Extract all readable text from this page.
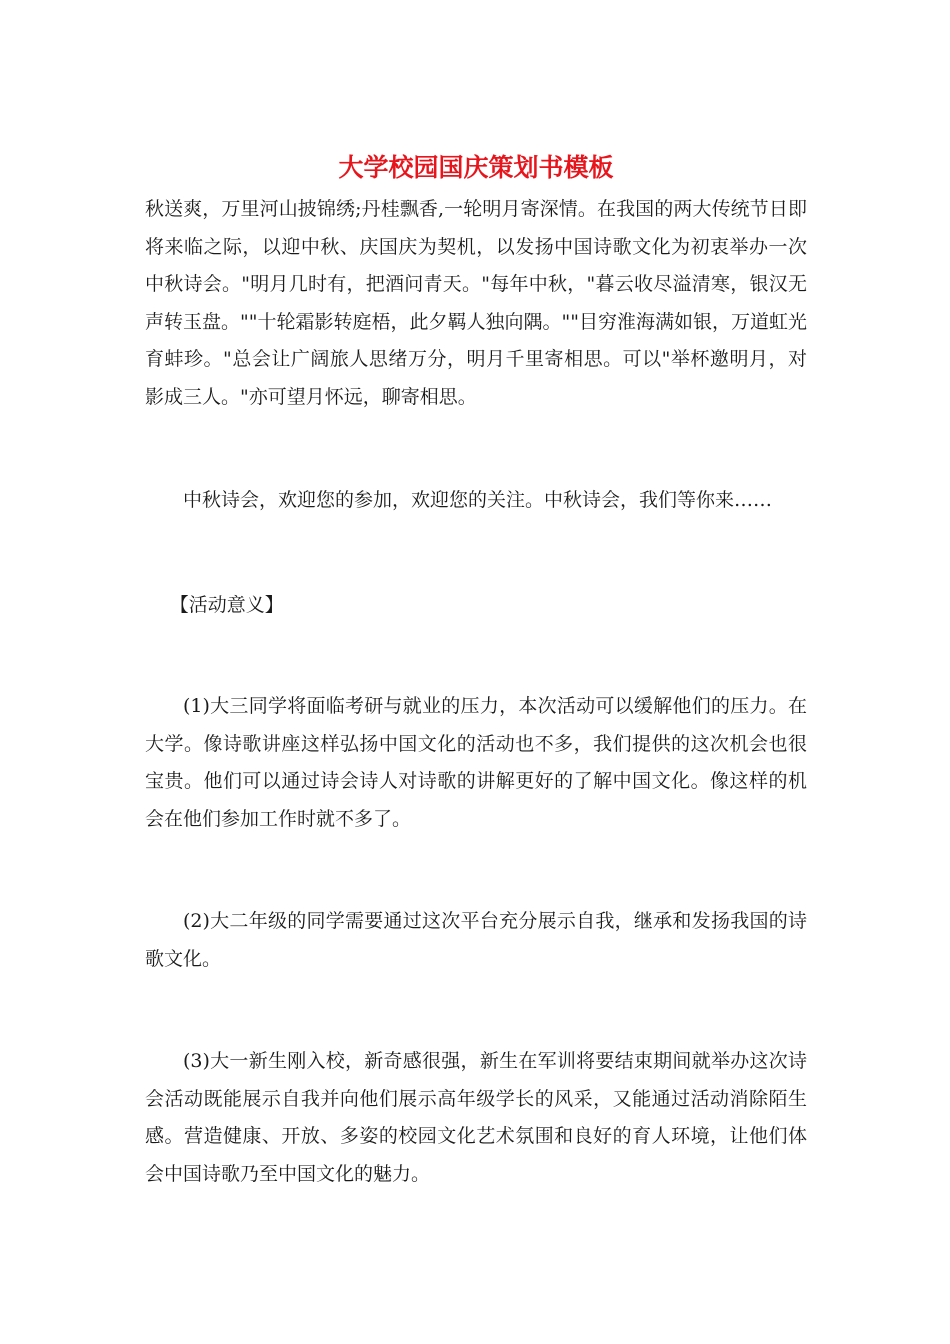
大学校园国庆策划书模板

秋送爽，万里河山披锦绣;丹桂飘香,一轮明月寄深情。在我国的两大传统节日即将来临之际，以迎中秋、庆国庆为契机，以发扬中国诗歌文化为初衷举办一次中秋诗会。"明月几时有，把酒问青天。"每年中秋，"暮云收尽溢清寒，银汉无声转玉盘。""十轮霜影转庭梧，此夕羁人独向隅。""目穷淮海满如银，万道虹光育蚌珍。"总会让广阔旅人思绪万分，明月千里寄相思。可以"举杯邀明月，对影成三人。"亦可望月怀远，聊寄相思。

中秋诗会，欢迎您的参加，欢迎您的关注。中秋诗会，我们等你来……

【活动意义】

(1)大三同学将面临考研与就业的压力，本次活动可以缓解他们的压力。在大学。像诗歌讲座这样弘扬中国文化的活动也不多，我们提供的这次机会也很宝贵。他们可以通过诗会诗人对诗歌的讲解更好的了解中国文化。像这样的机会在他们参加工作时就不多了。

(2)大二年级的同学需要通过这次平台充分展示自我，继承和发扬我国的诗歌文化。

(3)大一新生刚入校，新奇感很强，新生在军训将要结束期间就举办这次诗会活动既能展示自我并向他们展示高年级学长的风采，又能通过活动消除陌生感。营造健康、开放、多姿的校园文化艺术氛围和良好的育人环境，让他们体会中国诗歌乃至中国文化的魅力。
